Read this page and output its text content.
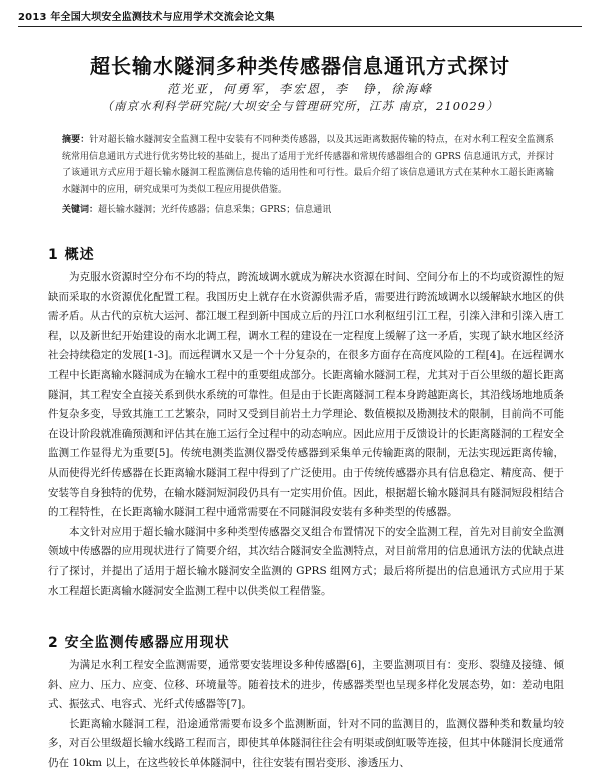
2013 年全国大坝安全监测技术与应用学术交流会论文集
超长输水隧洞多种类传感器信息通讯方式探讨
范光亚，何勇军，李宏恩，李　铮，徐海峰
（南京水利科学研究院/大坝安全与管理研究所，江苏 南京，210029）
摘要：针对超长输水隧洞安全监测工程中安装有不同种类传感器，以及其远距离数据传输的特点，在对水利工程安全监测系统常用信息通讯方式进行优劣势比较的基础上，提出了适用于光纤传感器和常规传感器组合的 GPRS 信息通讯方式，并探讨了该通讯方式应用于超长输水隧洞工程监测信息传输的适用性和可行性。最后介绍了该信息通讯方式在某种水工超长距离输水隧洞中的应用，研究成果可为类似工程应用提供借鉴。
关键词：超长输水隧洞；光纤传感器；信息采集；GPRS；信息通讯
1 概述

为克服水资源时空分布不均的特点，跨流域调水就成为解决水资源在时间、空间分布上的不均或资源性的短缺而采取的水资源优化配置工程。我国历史上就存在水资源供需矛盾，需要进行跨流域调水以缓解缺水地区的供需矛盾。从古代的京杭大运河、都江堰工程到新中国成立后的丹江口水利枢纽引江工程，引滦入津和引滦入唐工程，以及新世纪开始建设的南水北调工程，调水工程的建设在一定程度上缓解了这一矛盾，实现了缺水地区经济社会持续稳定的发展[1-3]。而远程调水又是一个十分复杂的，在很多方面存在高度风险的工程[4]。在远程调水工程中长距离输水隧洞成为在输水工程中的重要组成部分。长距离输水隧洞工程，尤其对于百公里级的超长距离隧洞，其工程安全直接关系到供水系统的可靠性。但是由于长距离隧洞工程本身跨越距离长，其沿线场地地质条件复杂多变，导致其施工工艺繁杂，同时又受到目前岩土力学理论、数值模拟及勘测技术的限制，目前尚不可能在设计阶段就准确预测和评估其在施工运行全过程中的动态响应。因此应用于反馈设计的长距离隧洞的工程安全监测工作显得尤为重要[5]。传统电测类监测仪器受传感器到采集单元传输距离的限制，无法实现远距离传输，从而使得光纤传感器在长距离输水隧洞工程中得到了广泛使用。由于传统传感器亦具有信息稳定、精度高、便于安装等自身独特的优势，在输水隧洞短洞段仍具有一定实用价值。因此，根据超长输水隧洞具有隧洞短段相结合的工程特性，在长距离输水隧洞工程中通常需要在不同隧洞段安装有多种类型的传感器。

本文针对应用于超长输水隧洞中多种类型传感器交叉组合布置情况下的安全监测工程，首先对目前安全监测领域中传感器的应用现状进行了简要介绍，其次结合隧洞安全监测特点，对目前常用的信息通讯方法的优缺点进行了探讨，并提出了适用于超长输水隧洞安全监测的 GPRS 组网方式；最后将所提出的信息通讯方式应用于某水工程超长距离输水隧洞安全监测工程中以供类似工程借鉴。

2 安全监测传感器应用现状

为满足水利工程安全监测需要，通常要安装埋设多种传感器[6]，主要监测项目有：变形、裂缝及接缝、倾斜、应力、压力、应变、位移、环境量等。随着技术的进步，传感器类型也呈现多样化发展态势，如：差动电阻式、振弦式、电容式、光纤式传感器等[7]。

长距离输水隧洞工程，沿途通常需要布设多个监测断面，针对不同的监测目的，监测仪器种类和数量均较多，对百公里级超长输水线路工程而言，即使其单体隧洞往往会有明渠或倒虹吸等连接，但其中体隧洞长度通常仍在 10km 以上，在这些较长单体隧洞中，往往安装有围岩变形、渗透压力、
